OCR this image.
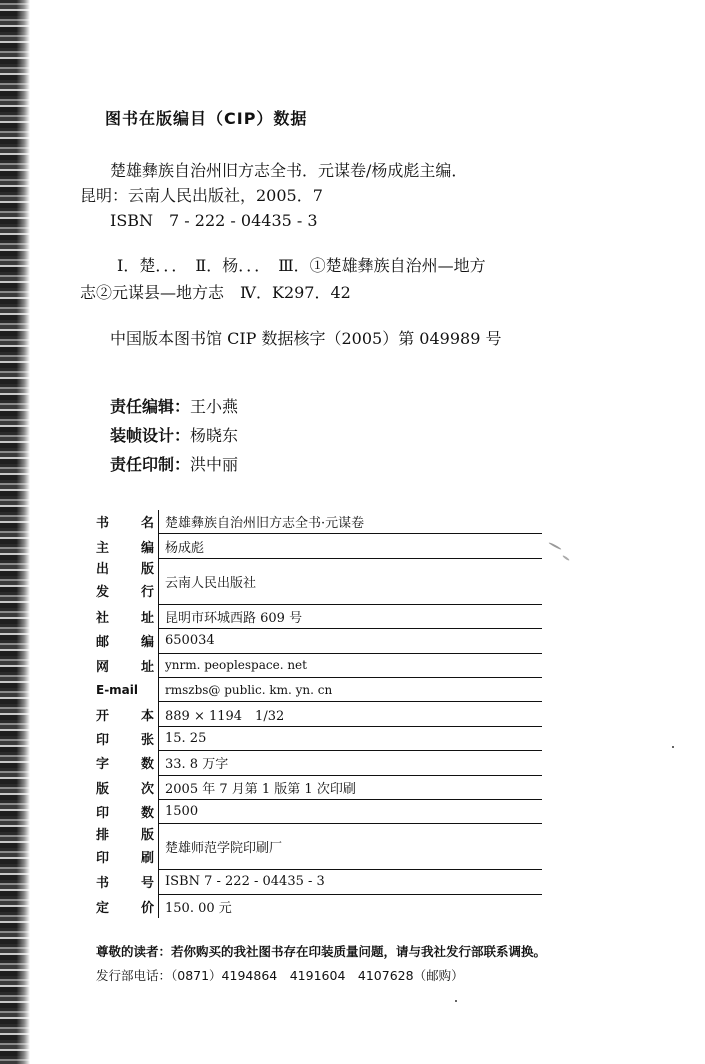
图书在版编目（CIP）数据
楚雄彝族自治州旧方志全书．元谋卷/杨成彪主编．
昆明：云南人民出版社，2005．7
ISBN　7 - 222 - 04435 - 3
Ⅰ．楚．．．　Ⅱ．杨．．．　Ⅲ．①楚雄彝族自治州—地方
志②元谋县—地方志　Ⅳ．K297．42
中国版本图书馆 CIP 数据核字（2005）第 049989 号
责任编辑：王小燕
装帧设计：杨晓东
责任印制：洪中丽
书名	楚雄彝族自治州旧方志全书·元谋卷
主编	杨成彪

出版
发行	云南人民出版社
社址	昆明市环城西路 609 号
邮编	650034
网址	ynrm. peoplespace. net
E-mail	rmszbs@ public. km. yn. cn
开本	889 × 1194　1/32
印张	15. 25
字数	33. 8 万字
版次	2005 年 7 月第 1 版第 1 次印刷
印数	1500

排版
印刷	楚雄师范学院印刷厂
书号	ISBN 7 - 222 - 04435 - 3
定价	150. 00 元
尊敬的读者：若你购买的我社图书存在印装质量问题，请与我社发行部联系调换。
发行部电话：（0871）4194864　4191604　4107628（邮购）
